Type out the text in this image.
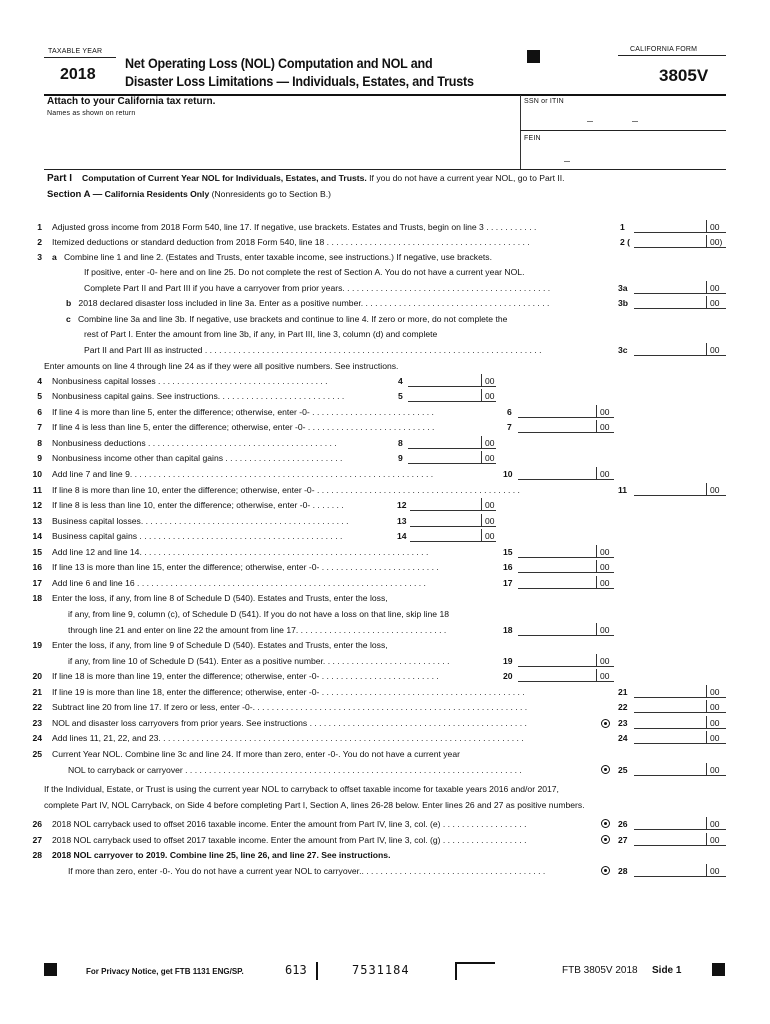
TAXABLE YEAR
2018
Net Operating Loss (NOL) Computation and NOL and
Disaster Loss Limitations — Individuals, Estates, and Trusts
CALIFORNIA FORM
3805V
Attach to your California tax return.
Names as shown on return
SSN or ITIN
FEIN
Part I Computation of Current Year NOL for Individuals, Estates, and Trusts. If you do not have a current year NOL, go to Part II.
Section A — California Residents Only (Nonresidents go to Section B.)
1 Adjusted gross income from 2018 Form 540, line 17. If negative, use brackets. Estates and Trusts, begin on line 3 . . . . . . . . . . .	1	00
2 Itemized deductions or standard deduction from 2018 Form 540, line 18 . . . . . . . . . . . . . . . . . . . . . . . . . . . . . . . . . . . . . . . . . . .	2 (	00)
3 a Combine line 1 and line 2. (Estates and Trusts, enter taxable income, see instructions.) If negative, use brackets.
If positive, enter -0- here and on line 25. Do not complete the rest of Section A. You do not have a current year NOL.
Complete Part II and Part III if you have a carryover from prior years. . . . . . . . . . . . . . . . . . . . . . . . . . . . . . . . . . . . . . . . . . . .	3a	00
b 2018 declared disaster loss included in line 3a. Enter as a positive number. . . . . . . . . . . . . . . . . . . . . . . . . . . . . . . . . . . . . . . .	3b	00
c Combine line 3a and line 3b. If negative, use brackets and continue to line 4. If zero or more, do not complete the
rest of Part I. Enter the amount from line 3b, if any, in Part III, line 3, column (d) and complete
Part II and Part III as instructed . . . . . . . . . . . . . . . . . . . . . . . . . . . . . . . . . . . . . . . . . . . . . . . . . . . . . . . . . . . . . . . . . . . . . . .	3c	00
Enter amounts on line 4 through line 24 as if they were all positive numbers. See instructions.
4 Nonbusiness capital losses . . . . . . . . . . . . . . . . . . . . . . . . . . . . . . . . . . . .	4	00
5 Nonbusiness capital gains. See instructions. . . . . . . . . . . . . . . . . . . . . . . . . . .	5	00
6 If line 4 is more than line 5, enter the difference; otherwise, enter -0- . . . . . . . . . . . . . . . . . . . . . . . . . .	6	00
7 If line 4 is less than line 5, enter the difference; otherwise, enter -0- . . . . . . . . . . . . . . . . . . . . . . . . . . .	7	00
8 Nonbusiness deductions . . . . . . . . . . . . . . . . . . . . . . . . . . . . . . . . . . . . . . . .	8	00
9 Nonbusiness income other than capital gains . . . . . . . . . . . . . . . . . . . . . . . . .	9	00
10 Add line 7 and line 9. . . . . . . . . . . . . . . . . . . . . . . . . . . . . . . . . . . . . . . . . . . . . . . . . . . . . . . . . . . . . . . .	10	00
11 If line 8 is more than line 10, enter the difference; otherwise, enter -0- . . . . . . . . . . . . . . . . . . . . . . . . . . . . . . . . . . . . . . . . . . .	11	00
12 If line 8 is less than line 10, enter the difference; otherwise, enter -0- . . . . . . .	12	00
13 Business capital losses. . . . . . . . . . . . . . . . . . . . . . . . . . . . . . . . . . . . . . . . . . . .	13	00
14 Business capital gains . . . . . . . . . . . . . . . . . . . . . . . . . . . . . . . . . . . . . . . . . . .	14	00
15 Add line 12 and line 14. . . . . . . . . . . . . . . . . . . . . . . . . . . . . . . . . . . . . . . . . . . . . . . . . . . . . . . . . . . . .	15	00
16 If line 13 is more than line 15, enter the difference; otherwise, enter -0- . . . . . . . . . . . . . . . . . . . . . . . . .	16	00
17 Add line 6 and line 16 . . . . . . . . . . . . . . . . . . . . . . . . . . . . . . . . . . . . . . . . . . . . . . . . . . . . . . . . . . . . .	17	00
18 Enter the loss, if any, from line 8 of Schedule D (540). Estates and Trusts, enter the loss,
if any, from line 9, column (c), of Schedule D (541). If you do not have a loss on that line, skip line 18
through line 21 and enter on line 22 the amount from line 17. . . . . . . . . . . . . . . . . . . . . . . . . . . . . . . .	18	00
19 Enter the loss, if any, from line 9 of Schedule D (540). Estates and Trusts, enter the loss,
if any, from line 10 of Schedule D (541). Enter as a positive number. . . . . . . . . . . . . . . . . . . . . . . . . . .	19	00
20 If line 18 is more than line 19, enter the difference; otherwise, enter -0- . . . . . . . . . . . . . . . . . . . . . . . . .	20	00
21 If line 19 is more than line 18, enter the difference; otherwise, enter -0- . . . . . . . . . . . . . . . . . . . . . . . . . . . . . . . . . . . . . . . . . . .	21	00
22 Subtract line 20 from line 17. If zero or less, enter -0-. . . . . . . . . . . . . . . . . . . . . . . . . . . . . . . . . . . . . . . . . . . . . . . . . . . . . . . . . .	22	00
23 NOL and disaster loss carryovers from prior years. See instructions . . . . . . . . . . . . . . . . . . . . . . . . . . . . . . . . . . . . . . . . . . . . . .	23	00
24 Add lines 11, 21, 22, and 23. . . . . . . . . . . . . . . . . . . . . . . . . . . . . . . . . . . . . . . . . . . . . . . . . . . . . . . . . . . . . . . . . . . . . . . . . . . . .	24	00
25 Current Year NOL. Combine line 3c and line 24. If more than zero, enter -0-. You do not have a current year
NOL to carryback or carryover . . . . . . . . . . . . . . . . . . . . . . . . . . . . . . . . . . . . . . . . . . . . . . . . . . . . . . . . . . . . . . . . . . . . . . .	25	00
If the Individual, Estate, or Trust is using the current year NOL to carryback to offset taxable income for taxable years 2016 and/or 2017,
complete Part IV, NOL Carryback, on Side 4 before completing Part I, Section A, lines 26-28 below. Enter lines 26 and 27 as positive numbers.
26 2018 NOL carryback used to offset 2016 taxable income. Enter the amount from Part IV, line 3, col. (e) . . . . . . . . . . . . . . . . . .	26	00
27 2018 NOL carryback used to offset 2017 taxable income. Enter the amount from Part IV, line 3, col. (g) . . . . . . . . . . . . . . . . . .	27	00
28 2018 NOL carryover to 2019. Combine line 25, line 26, and line 27. See instructions.
If more than zero, enter -0-. You do not have a current year NOL to carryover.. . . . . . . . . . . . . . . . . . . . . . . . . . . . . . . . . . . . . . .	28	00
For Privacy Notice, get FTB 1131 ENG/SP.	613	7531184	FTB 3805V 2018 Side 1
